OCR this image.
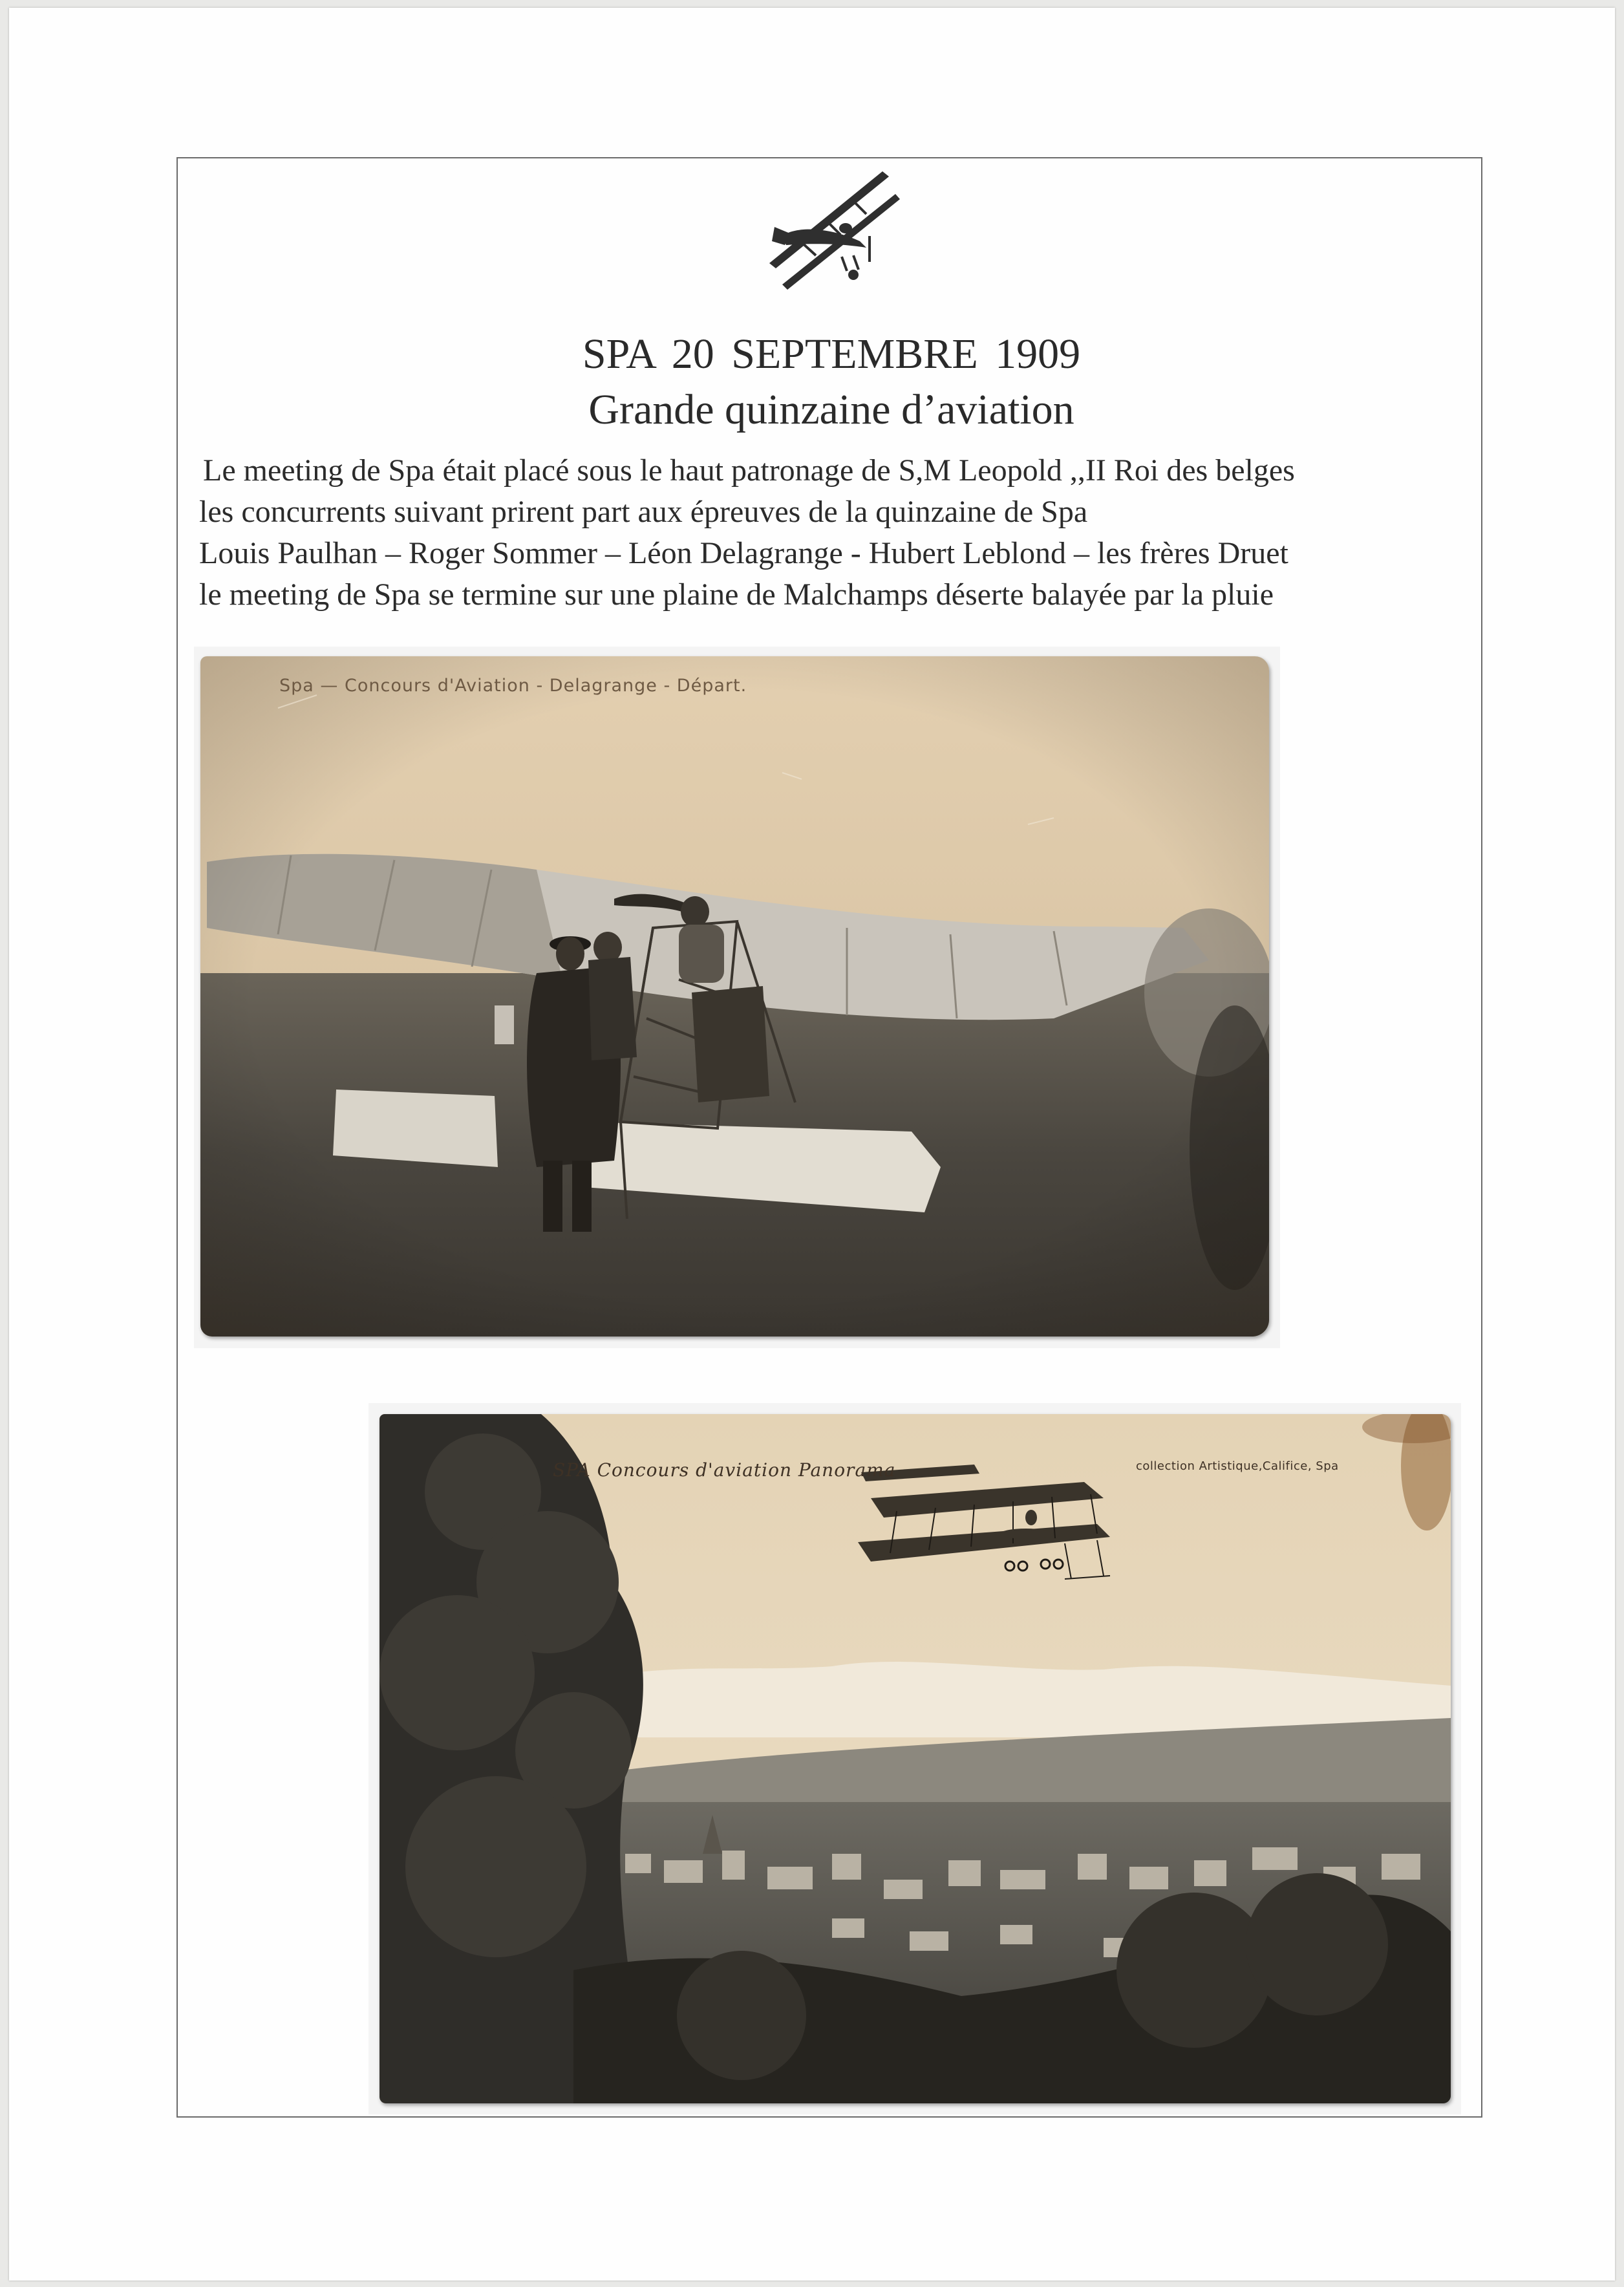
SPA 20 SEPTEMBRE 1909
Grande quinzaine d’aviation
Le meeting de Spa était placé sous le haut patronage de S,M Leopold ,,II Roi des belges
les concurrents suivant prirent part aux épreuves de la quinzaine de Spa
Louis Paulhan – Roger Sommer – Léon Delagrange - Hubert Leblond – les frères Druet
le meeting de Spa se termine sur une plaine de Malchamps déserte balayée par la pluie
Spa — Concours d'Aviation - Delagrange - Départ.
SPA Concours d'aviation Panorama	collection Artistique,Califice, Spa
